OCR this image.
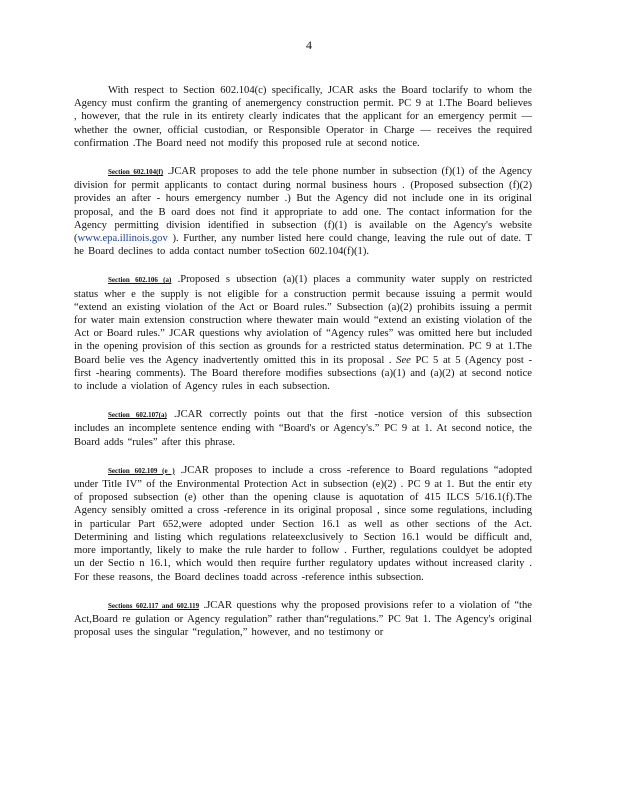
4

With respect to Section 602.104(c) specifically, JCAR asks the Board toclarify to whom the Agency must confirm the granting of anemergency construction permit. PC 9 at 1.The Board believes , however, that the rule in its entirety clearly indicates that the applicant for an emergency permit — whether the owner, official custodian, or Responsible Operator in Charge — receives the required confirmation .The Board need not modify this proposed rule at second notice.

Section 602.104(f) .JCAR proposes to add the tele phone number in subsection (f)(1) of the Agency division for permit applicants to contact during normal business hours . (Proposed subsection (f)(2) provides an after - hours emergency number .) But the Agency did not include one in its original proposal, and the B oard does not find it appropriate to add one. The contact information for the Agency permitting division identified in subsection (f)(1) is available on the Agency's website (www.epa.illinois.gov ). Further, any number listed here could change, leaving the rule out of date. T he Board declines to adda contact number toSection 602.104(f)(1).

Section 602.106 (a) .Proposed s ubsection (a)(1) places a community water supply on restricted status wher e the supply is not eligible for a construction permit because issuing a permit would “extend an existing violation of the Act or Board rules.” Subsection (a)(2) prohibits issuing a permit for water main extension construction where thewater main would “extend an existing violation of the Act or Board rules.” JCAR questions why aviolation of “Agency rules” was omitted here but included in the opening provision of this section as grounds for a restricted status determination. PC 9 at 1.The Board belie ves the Agency inadvertently omitted this in its proposal . See PC 5 at 5 (Agency post -first -hearing comments). The Board therefore modifies subsections (a)(1) and (a)(2) at second notice to include a violation of Agency rules in each subsection.

Section 602.107(a) .JCAR correctly points out that the first -notice version of this subsection includes an incomplete sentence ending with “Board's or Agency's.” PC 9 at 1. At second notice, the Board adds “rules” after this phrase.

Section 602.109 (e ) .JCAR proposes to include a cross -reference to Board regulations “adopted under Title IV” of the Environmental Protection Act in subsection (e)(2) . PC 9 at 1. But the entir ety of proposed subsection (e) other than the opening clause is aquotation of 415 ILCS 5/16.1(f).The Agency sensibly omitted a cross -reference in its original proposal , since some regulations, including in particular Part 652,were adopted under Section 16.1 as well as other sections of the Act. Determining and listing which regulations relateexclusively to Section 16.1 would be difficult and, more importantly, likely to make the rule harder to follow . Further, regulations couldyet be adopted un der Sectio n 16.1, which would then require further regulatory updates without increased clarity . For these reasons, the Board declines toadd across -reference inthis subsection.

Sections 602.117 and 602.119 .JCAR questions why the proposed provisions refer to a violation of “the Act,Board re gulation or Agency regulation” rather than“regulations.” PC 9at 1. The Agency's original proposal uses the singular “regulation,” however, and no testimony or
